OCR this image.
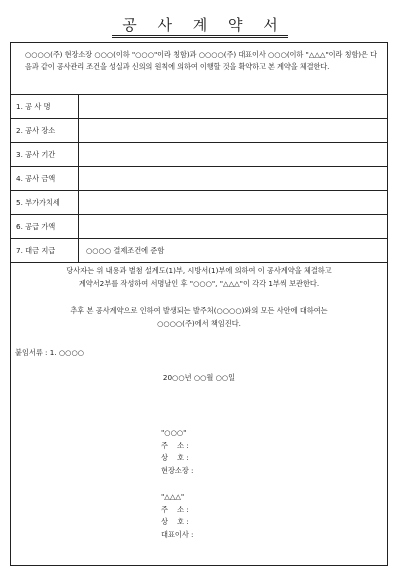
공 사 계 약 서
○○○○(주) 현장소장 ○○○(이하 "○○○"이라 칭함)과 ○○○○(주) 대표이사 ○○○(이하 "△△△"이라 칭함)은 다음과 같이 공사관리 조건을 성실과 신의의 원칙에 의하여 이행할 것을 확약하고 본 계약을 체결한다.
1. 공 사 명
2. 공사 장소
3. 공사 기간
4. 공사 금액
5. 부가가치세
6. 공급 가액
7. 대금 지급	○○○○ 결제조건에 준함
당사자는 위 내용과 별첨 설계도(1)부, 시방서(1)부에 의하여 이 공사계약을 체결하고
계약서2부를 작성하여 서명날인 후 "○○○", "△△△"이 각각 1부씩 보관한다.
추후 본 공사계약으로 인하여 발생되는 발주처(○○○○)와의 모든 사안에 대하여는
○○○○(주)에서 책임진다.
붙임서류 : 1. ○○○○
20○○년 ○○월 ○○일
"○○○"
주    소 :
상    호 :
현장소장 :
"△△△"
주    소 :
상    호 :
대표이사 :
